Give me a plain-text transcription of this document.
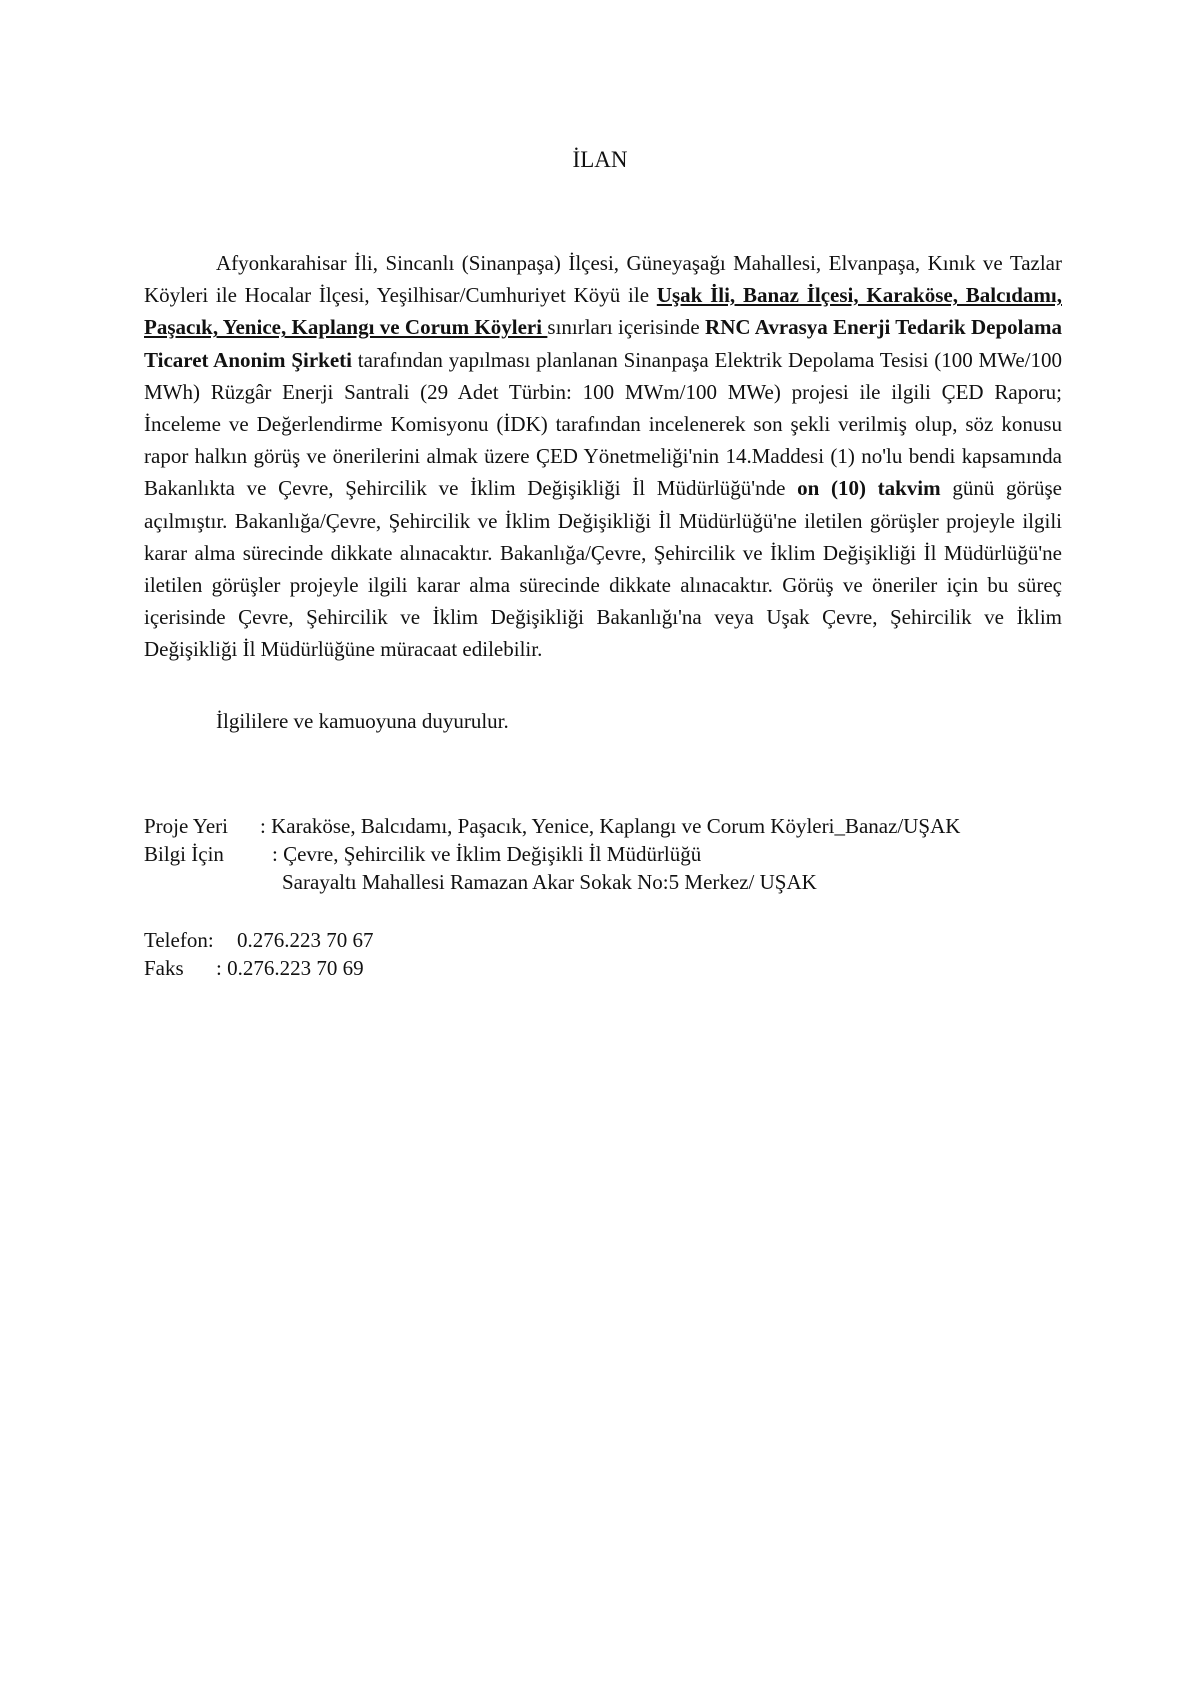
İLAN

Afyonkarahisar İli, Sincanlı (Sinanpaşa) İlçesi, Güneyaşağı Mahallesi, Elvanpaşa, Kınık ve Tazlar Köyleri ile Hocalar İlçesi, Yeşilhisar/Cumhuriyet Köyü ile Uşak İli, Banaz İlçesi, Karaköse, Balcıdamı, Paşacık, Yenice, Kaplangı ve Corum Köyleri sınırları içerisinde RNC Avrasya Enerji Tedarik Depolama Ticaret Anonim Şirketi tarafından yapılması planlanan Sinanpaşa Elektrik Depolama Tesisi (100 MWe/100 MWh) Rüzgâr Enerji Santrali (29 Adet Türbin: 100 MWm/100 MWe) projesi ile ilgili ÇED Raporu; İnceleme ve Değerlendirme Komisyonu (İDK) tarafından incelenerek son şekli verilmiş olup, söz konusu rapor halkın görüş ve önerilerini almak üzere ÇED Yönetmeliği'nin 14.Maddesi (1) no'lu bendi kapsamında Bakanlıkta ve Çevre, Şehircilik ve İklim Değişikliği İl Müdürlüğü'nde on (10) takvim günü görüşe açılmıştır. Bakanlığa/Çevre, Şehircilik ve İklim Değişikliği İl Müdürlüğü'ne iletilen görüşler projeyle ilgili karar alma sürecinde dikkate alınacaktır. Bakanlığa/Çevre, Şehircilik ve İklim Değişikliği İl Müdürlüğü'ne iletilen görüşler projeyle ilgili karar alma sürecinde dikkate alınacaktır. Görüş ve öneriler için bu süreç içerisinde Çevre, Şehircilik ve İklim Değişikliği Bakanlığı'na veya Uşak Çevre, Şehircilik ve İklim Değişikliği İl Müdürlüğüne müracaat edilebilir.

İlgililere ve kamuoyuna duyurulur.
Proje Yeri : Karaköse, Balcıdamı, Paşacık, Yenice, Kaplangı ve Corum Köyleri_Banaz/UŞAK
Bilgi İçin : Çevre, Şehircilik ve İklim Değişikli İl Müdürlüğü
Sarayaltı Mahallesi Ramazan Akar Sokak No:5 Merkez/ UŞAK
Telefon: 0.276.223 70 67
Faks : 0.276.223 70 69
